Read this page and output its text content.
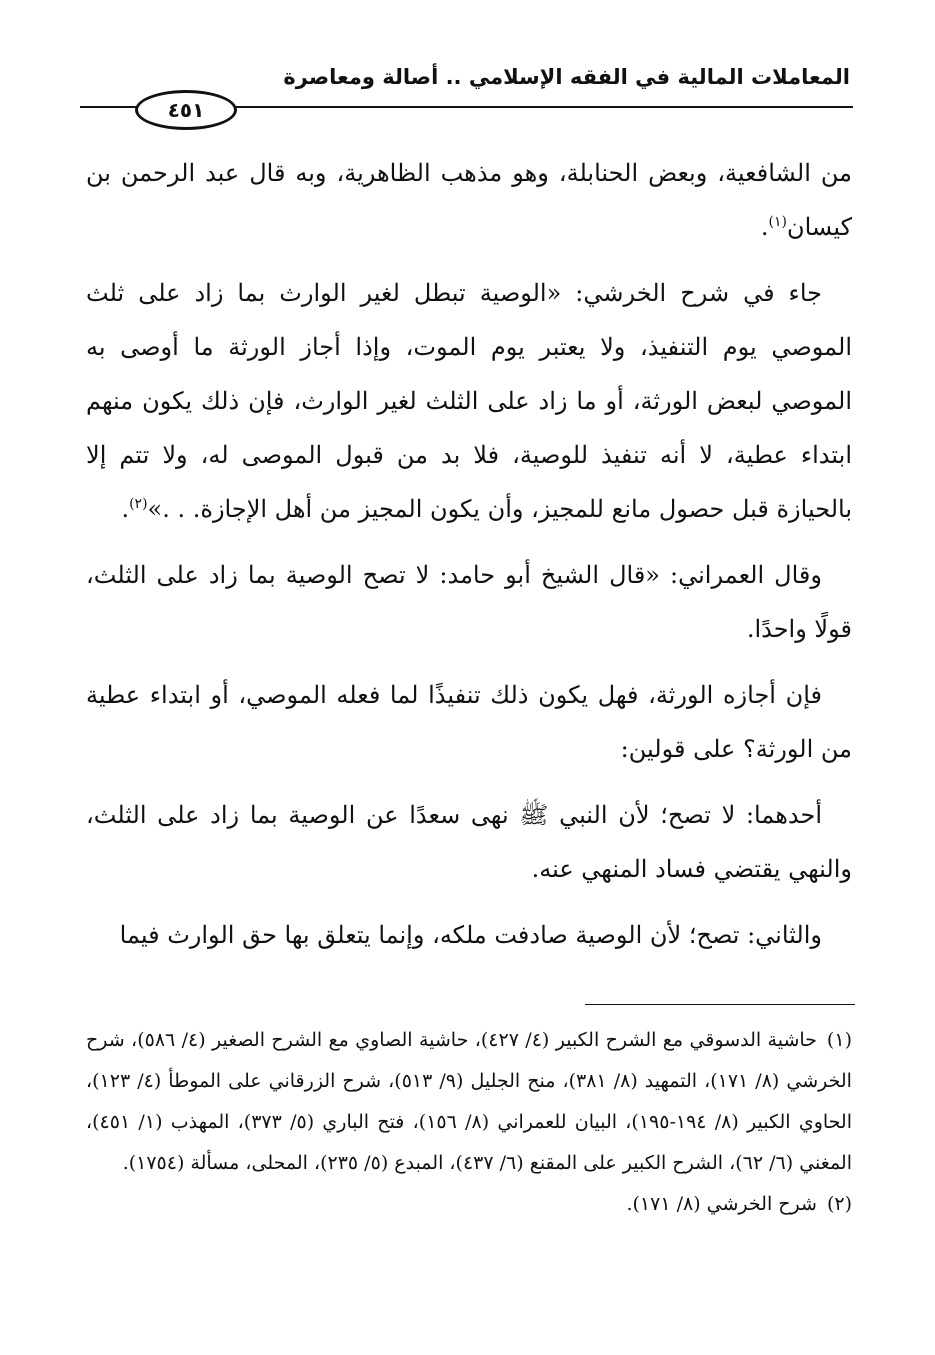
المعاملات المالية في الفقه الإسلامي .. أصالة ومعاصرة
٤٥١

من الشافعية، وبعض الحنابلة، وهو مذهب الظاهرية، وبه قال عبد الرحمن بن كيسان$^{(١)}$.

جاء في شرح الخرشي: «الوصية تبطل لغير الوارث بما زاد على ثلث الموصي يوم التنفيذ، ولا يعتبر يوم الموت، وإذا أجاز الورثة ما أوصى به الموصي لبعض الورثة، أو ما زاد على الثلث لغير الوارث، فإن ذلك يكون منهم ابتداء عطية، لا أنه تنفيذ للوصية، فلا بد من قبول الموصى له، ولا تتم إلا بالحيازة قبل حصول مانع للمجيز، وأن يكون المجيز من أهل الإجازة. . .»$^{(٢)}$.

وقال العمراني: «قال الشيخ أبو حامد: لا تصح الوصية بما زاد على الثلث، قولًا واحدًا.

فإن أجازه الورثة، فهل يكون ذلك تنفيذًا لما فعله الموصي، أو ابتداء عطية من الورثة؟ على قولين:

أحدهما: لا تصح؛ لأن النبي ﷺ نهى سعدًا عن الوصية بما زاد على الثلث، والنهي يقتضي فساد المنهي عنه.

والثاني: تصح؛ لأن الوصية صادفت ملكه، وإنما يتعلق بها حق الوارث فيما

(١)حاشية الدسوقي مع الشرح الكبير (٤/ ٤٢٧)، حاشية الصاوي مع الشرح الصغير (٤/ ٥٨٦)، شرح الخرشي (٨/ ١٧١)، التمهيد (٨/ ٣٨١)، منح الجليل (٩/ ٥١٣)، شرح الزرقاني على الموطأ (٤/ ١٢٣)، الحاوي الكبير (٨/ ١٩٤-١٩٥)، البيان للعمراني (٨/ ١٥٦)، فتح الباري (٥/ ٣٧٣)، المهذب (١/ ٤٥١)، المغني (٦/ ٦٢)، الشرح الكبير على المقنع (٦/ ٤٣٧)، المبدع (٥/ ٢٣٥)، المحلى، مسألة (١٧٥٤).

(٢)شرح الخرشي (٨/ ١٧١).
